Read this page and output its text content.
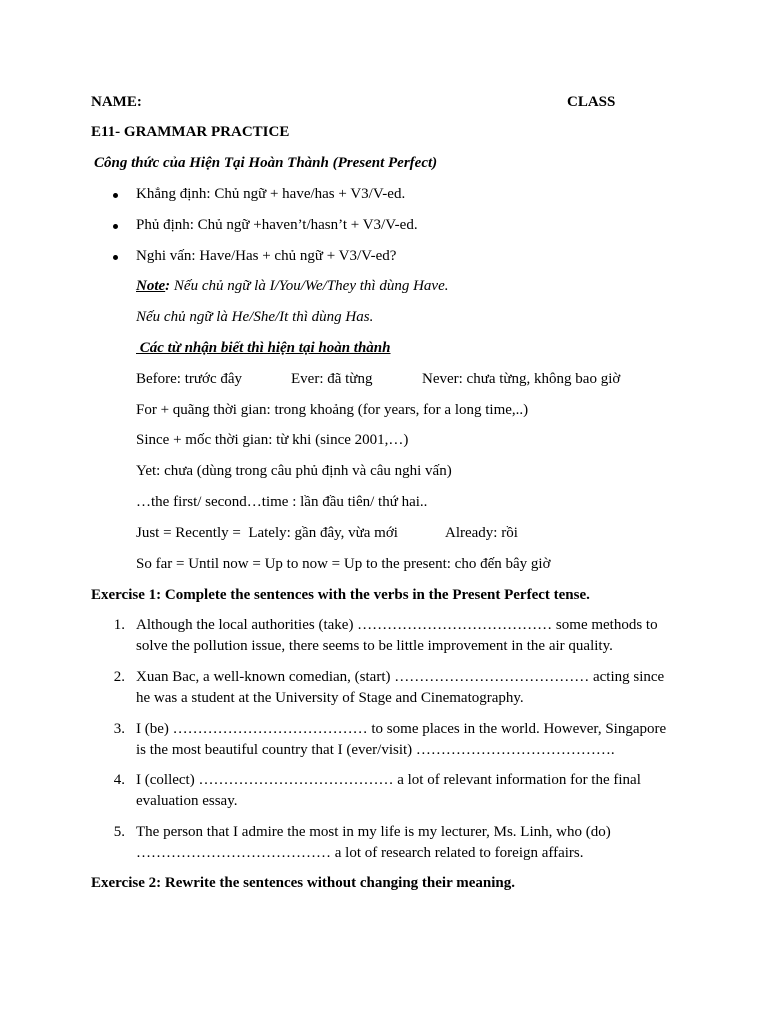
NAME:	CLASS
E11- GRAMMAR PRACTICE
Công thức của Hiện Tại Hoàn Thành (Present Perfect)
Khẳng định: Chủ ngữ + have/has + V3/V-ed.
Phủ định: Chủ ngữ +haven’t/hasn’t + V3/V-ed.
Nghi vấn: Have/Has + chủ ngữ + V3/V-ed?
Note: Nếu chủ ngữ là I/You/We/They thì dùng Have.
Nếu chủ ngữ là He/She/It thì dùng Has.
Các từ nhận biết thì hiện tại hoàn thành
Before: trước đây	Ever: đã từng	Never: chưa từng, không bao giờ
For + quãng thời gian: trong khoảng (for years, for a long time,..)
Since + mốc thời gian: từ khi (since 2001,…)
Yet: chưa (dùng trong câu phủ định và câu nghi vấn)
…the first/ second…time : lần đầu tiên/ thứ hai..
Just = Recently =  Lately: gần đây, vừa mới	Already: rồi
So far = Until now = Up to now = Up to the present: cho đến bây giờ
Exercise 1: Complete the sentences with the verbs in the Present Perfect tense.
1. Although the local authorities (take) ………………………………… some methods to
solve the pollution issue, there seems to be little improvement in the air quality.
2. Xuan Bac, a well-known comedian, (start) ………………………………… acting since
he was a student at the University of Stage and Cinematography.
3. I (be) ………………………………… to some places in the world. However, Singapore
is the most beautiful country that I (ever/visit) ………………………………….
4. I (collect) ………………………………… a lot of relevant information for the final
evaluation essay.
5. The person that I admire the most in my life is my lecturer, Ms. Linh, who (do)
………………………………… a lot of research related to foreign affairs.
Exercise 2: Rewrite the sentences without changing their meaning.
